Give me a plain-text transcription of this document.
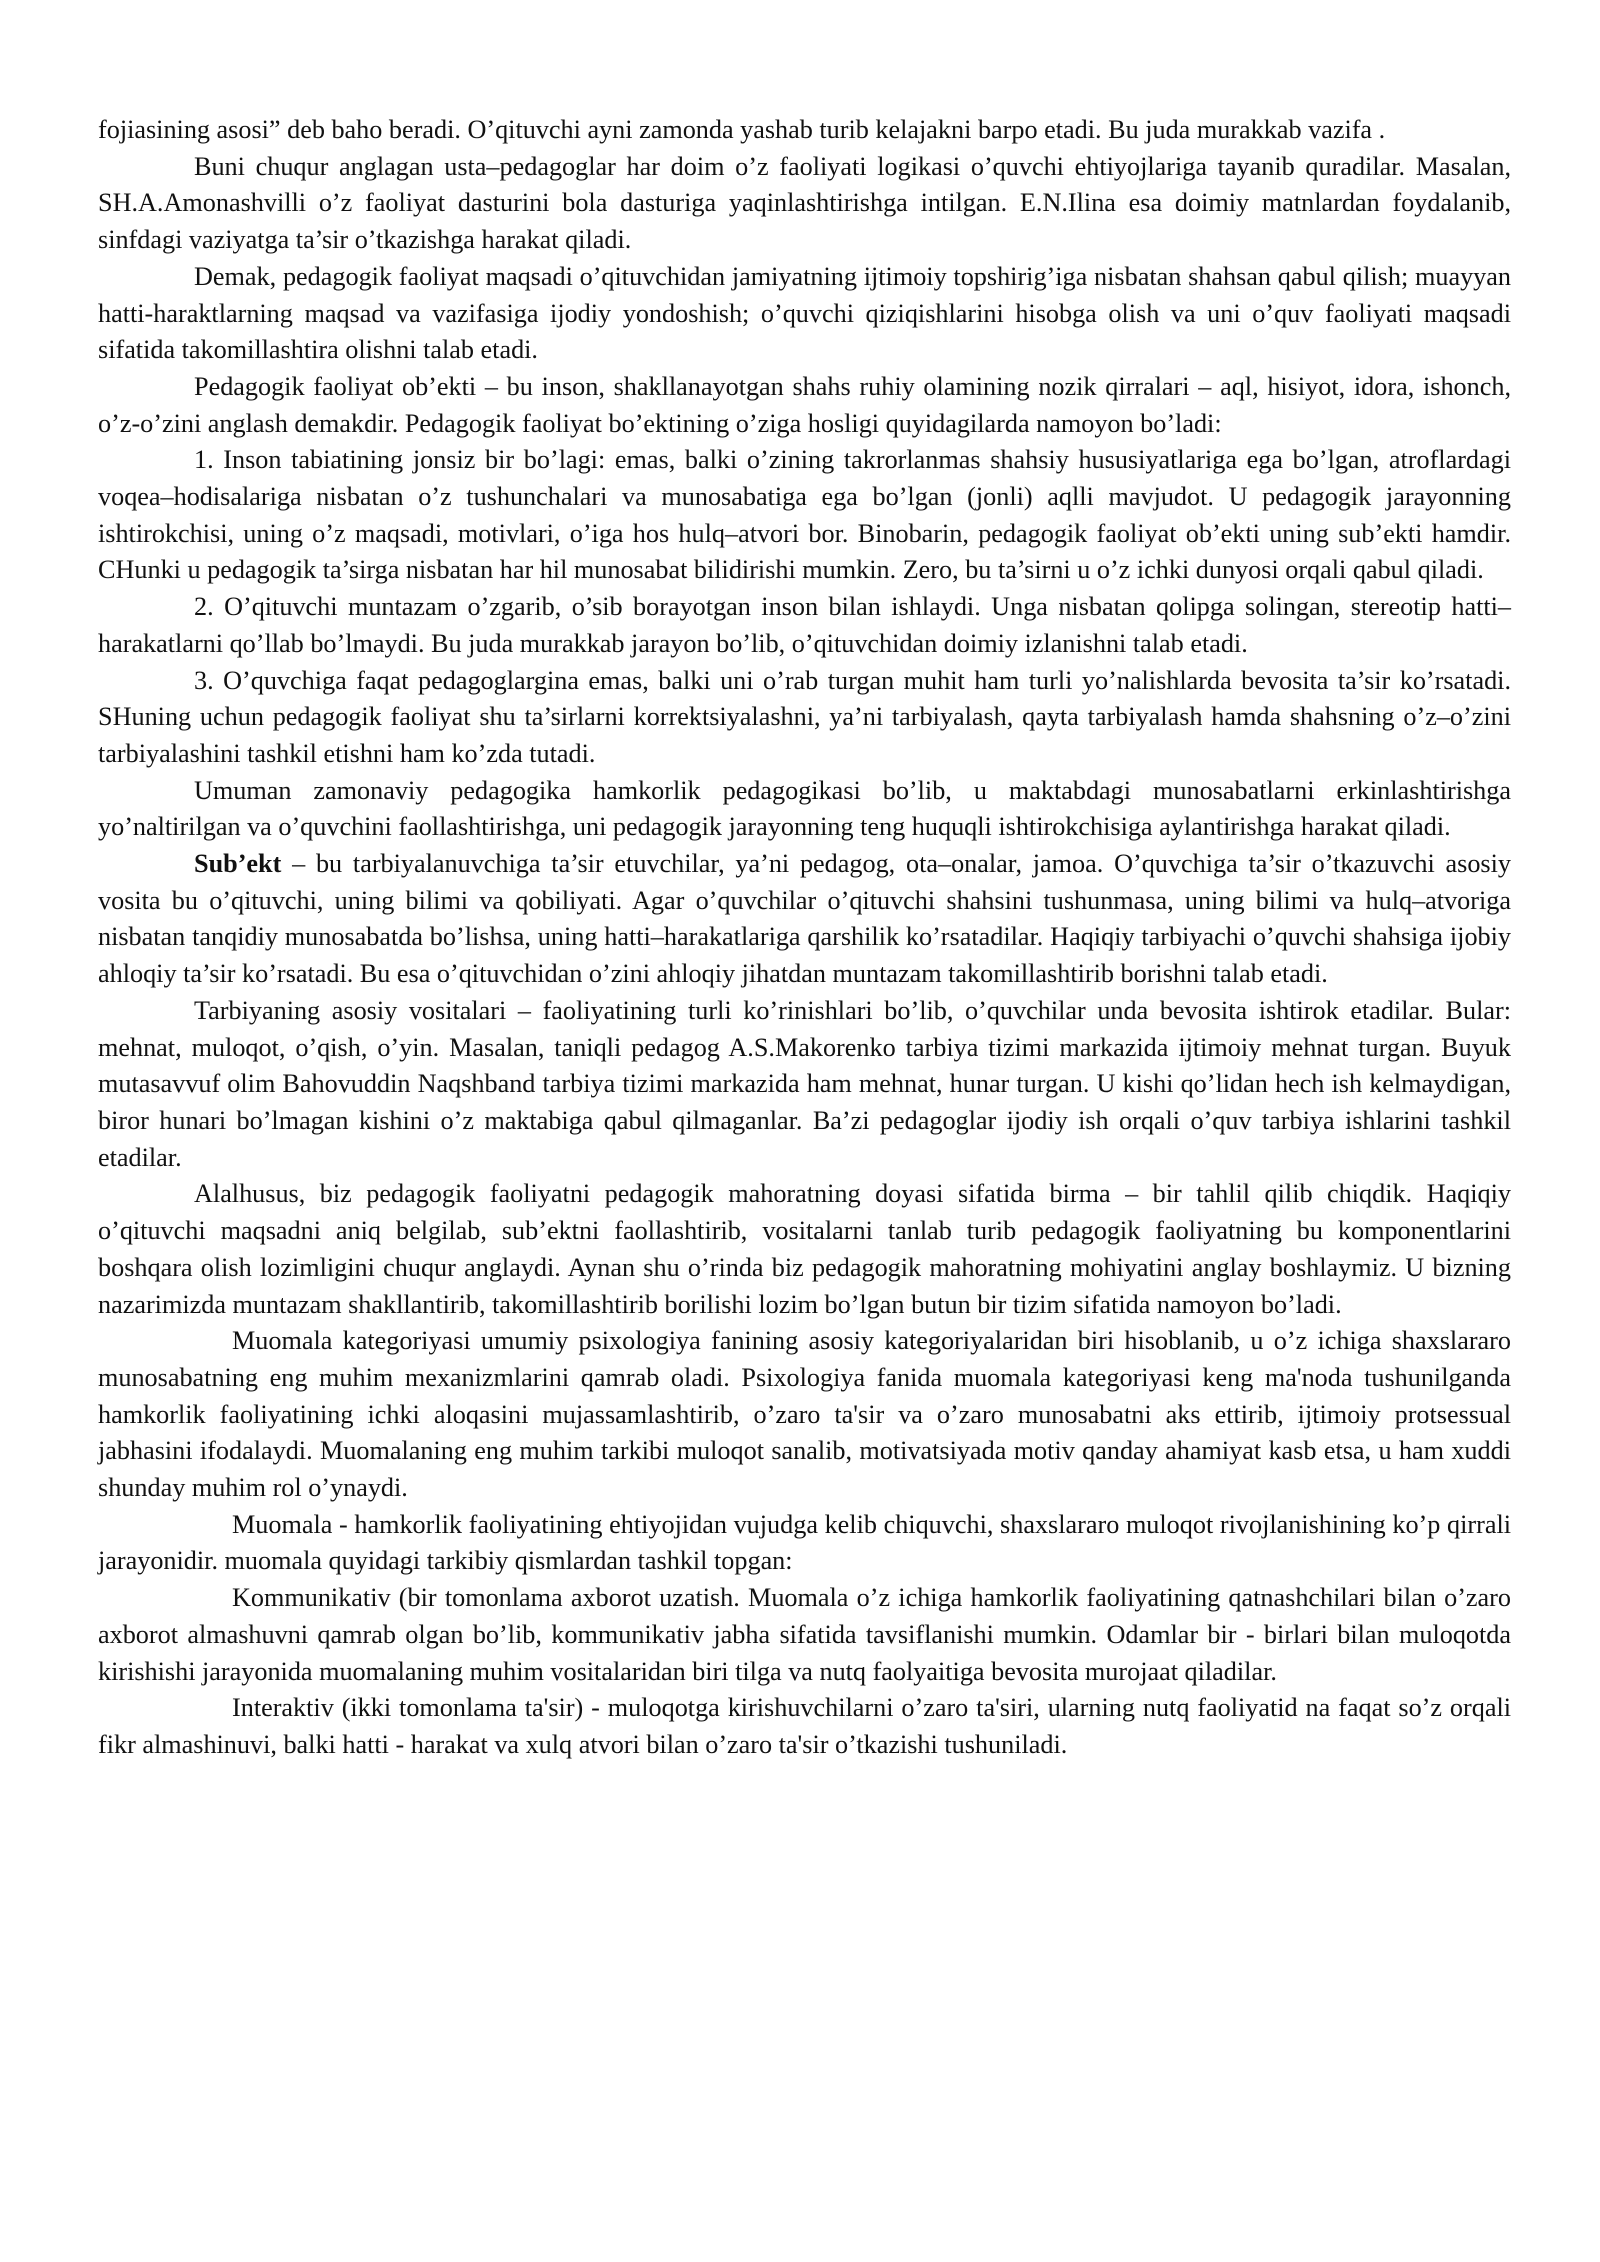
fojiasining asosi” deb baho beradi. O’qituvchi ayni zamonda yashab turib kelajakni barpo etadi. Bu juda murakkab vazifa .

Buni chuqur anglagan usta–pedagoglar har doim o’z faoliyati logikasi o’quvchi ehtiyojlariga tayanib quradilar. Masalan, SH.A.Amonashvilli o’z faoliyat dasturini bola dasturiga yaqinlashtirishga intilgan. E.N.Ilina esa doimiy matnlardan foydalanib, sinfdagi vaziyatga ta’sir o’tkazishga harakat qiladi.

Demak, pedagogik faoliyat maqsadi o’qituvchidan jamiyatning ijtimoiy topshirig’iga nisbatan shahsan qabul qilish; muayyan hatti-haraktlarning maqsad va vazifasiga ijodiy yondoshish; o’quvchi qiziqishlarini hisobga olish va uni o’quv faoliyati maqsadi sifatida takomillashtira olishni talab etadi.

Pedagogik faoliyat ob’ekti – bu inson, shakllanayotgan shahs ruhiy olamining nozik qirralari – aql, hisiyot, idora, ishonch, o’z-o’zini anglash demakdir. Pedagogik faoliyat bo’ektining o’ziga hosligi quyidagilarda namoyon bo’ladi:

1. Inson tabiatining jonsiz bir bo’lagi: emas, balki o’zining takrorlanmas shahsiy hususiyatlariga ega bo’lgan, atroflardagi voqea–hodisalariga nisbatan o’z tushunchalari va munosabatiga ega bo’lgan (jonli) aqlli mavjudot. U pedagogik jarayonning ishtirokchisi, uning o’z maqsadi, motivlari, o’iga hos hulq–atvori bor. Binobarin, pedagogik faoliyat ob’ekti uning sub’ekti hamdir. CHunki u pedagogik ta’sirga nisbatan har hil munosabat bilidirishi mumkin. Zero, bu ta’sirni u o’z ichki dunyosi orqali qabul qiladi.

2. O’qituvchi muntazam o’zgarib, o’sib borayotgan inson bilan ishlaydi. Unga nisbatan qolipga solingan, stereotip hatti–harakatlarni qo’llab bo’lmaydi. Bu juda murakkab jarayon bo’lib, o’qituvchidan doimiy izlanishni talab etadi.

3. O’quvchiga faqat pedagoglargina emas, balki uni o’rab turgan muhit ham turli yo’nalishlarda bevosita ta’sir ko’rsatadi. SHuning uchun pedagogik faoliyat shu ta’sirlarni korrektsiyalashni, ya’ni tarbiyalash, qayta tarbiyalash hamda shahsning o’z–o’zini tarbiyalashini tashkil etishni ham ko’zda tutadi.

Umuman zamonaviy pedagogika hamkorlik pedagogikasi bo’lib, u maktabdagi munosabatlarni erkinlashtirishga yo’naltirilgan va o’quvchini faollashtirishga, uni pedagogik jarayonning teng huquqli ishtirokchisiga aylantirishga harakat qiladi.

Sub’ekt – bu tarbiyalanuvchiga ta’sir etuvchilar, ya’ni pedagog, ota–onalar, jamoa. O’quvchiga ta’sir o’tkazuvchi asosiy vosita bu o’qituvchi, uning bilimi va qobiliyati. Agar o’quvchilar o’qituvchi shahsini tushunmasa, uning bilimi va hulq–atvoriga nisbatan tanqidiy munosabatda bo’lishsa, uning hatti–harakatlariga qarshilik ko’rsatadilar. Haqiqiy tarbiyachi o’quvchi shahsiga ijobiy ahloqiy ta’sir ko’rsatadi. Bu esa o’qituvchidan o’zini ahloqiy jihatdan muntazam takomillashtirib borishni talab etadi.

Tarbiyaning asosiy vositalari – faoliyatining turli ko’rinishlari bo’lib, o’quvchilar unda bevosita ishtirok etadilar. Bular: mehnat, muloqot, o’qish, o’yin. Masalan, taniqli pedagog A.S.Makorenko tarbiya tizimi markazida ijtimoiy mehnat turgan. Buyuk mutasavvuf olim Bahovuddin Naqshband tarbiya tizimi markazida ham mehnat, hunar turgan. U kishi qo’lidan hech ish kelmaydigan, biror hunari bo’lmagan kishini o’z maktabiga qabul qilmaganlar. Ba’zi pedagoglar ijodiy ish orqali o’quv tarbiya ishlarini tashkil etadilar.

Alalhusus, biz pedagogik faoliyatni pedagogik mahoratning doyasi sifatida birma – bir tahlil qilib chiqdik. Haqiqiy o’qituvchi maqsadni aniq belgilab, sub’ektni faollashtirib, vositalarni tanlab turib pedagogik faoliyatning bu komponentlarini boshqara olish lozimligini chuqur anglaydi. Aynan shu o’rinda biz pedagogik mahoratning mohiyatini anglay boshlaymiz. U bizning nazarimizda muntazam shakllantirib, takomillashtirib borilishi lozim bo’lgan butun bir tizim sifatida namoyon bo’ladi.

Muomala kategoriyasi umumiy psixologiya fanining asosiy kategoriyalaridan biri hisoblanib, u o’z ichiga shaxslararo munosabatning eng muhim mexanizmlarini qamrab oladi. Psixologiya fanida muomala kategoriyasi keng ma'noda tushunilganda hamkorlik faoliyatining ichki aloqasini mujassamlashtirib, o’zaro ta'sir va o’zaro munosabatni aks ettirib, ijtimoiy protsessual jabhasini ifodalaydi. Muomalaning eng muhim tarkibi muloqot sanalib, motivatsiyada motiv qanday ahamiyat kasb etsa, u ham xuddi shunday muhim rol o’ynaydi.

Muomala - hamkorlik faoliyatining ehtiyojidan vujudga kelib chiquvchi, shaxslararo muloqot rivojlanishining ko’p qirrali jarayonidir. muomala quyidagi tarkibiy qismlardan tashkil topgan:

Kommunikativ (bir tomonlama axborot uzatish. Muomala o’z ichiga hamkorlik faoliyatining qatnashchilari bilan o’zaro axborot almashuvni qamrab olgan bo’lib, kommunikativ jabha sifatida tavsiflanishi mumkin. Odamlar bir - birlari bilan muloqotda kirishishi jarayonida muomalaning muhim vositalaridan biri tilga va nutq faolyaitiga bevosita murojaat qiladilar.

Interaktiv (ikki tomonlama ta'sir) - muloqotga kirishuvchilarni o’zaro ta'siri, ularning nutq faoliyatid na faqat so’z orqali fikr almashinuvi, balki hatti - harakat va xulq atvori bilan o’zaro ta'sir o’tkazishi tushuniladi.
